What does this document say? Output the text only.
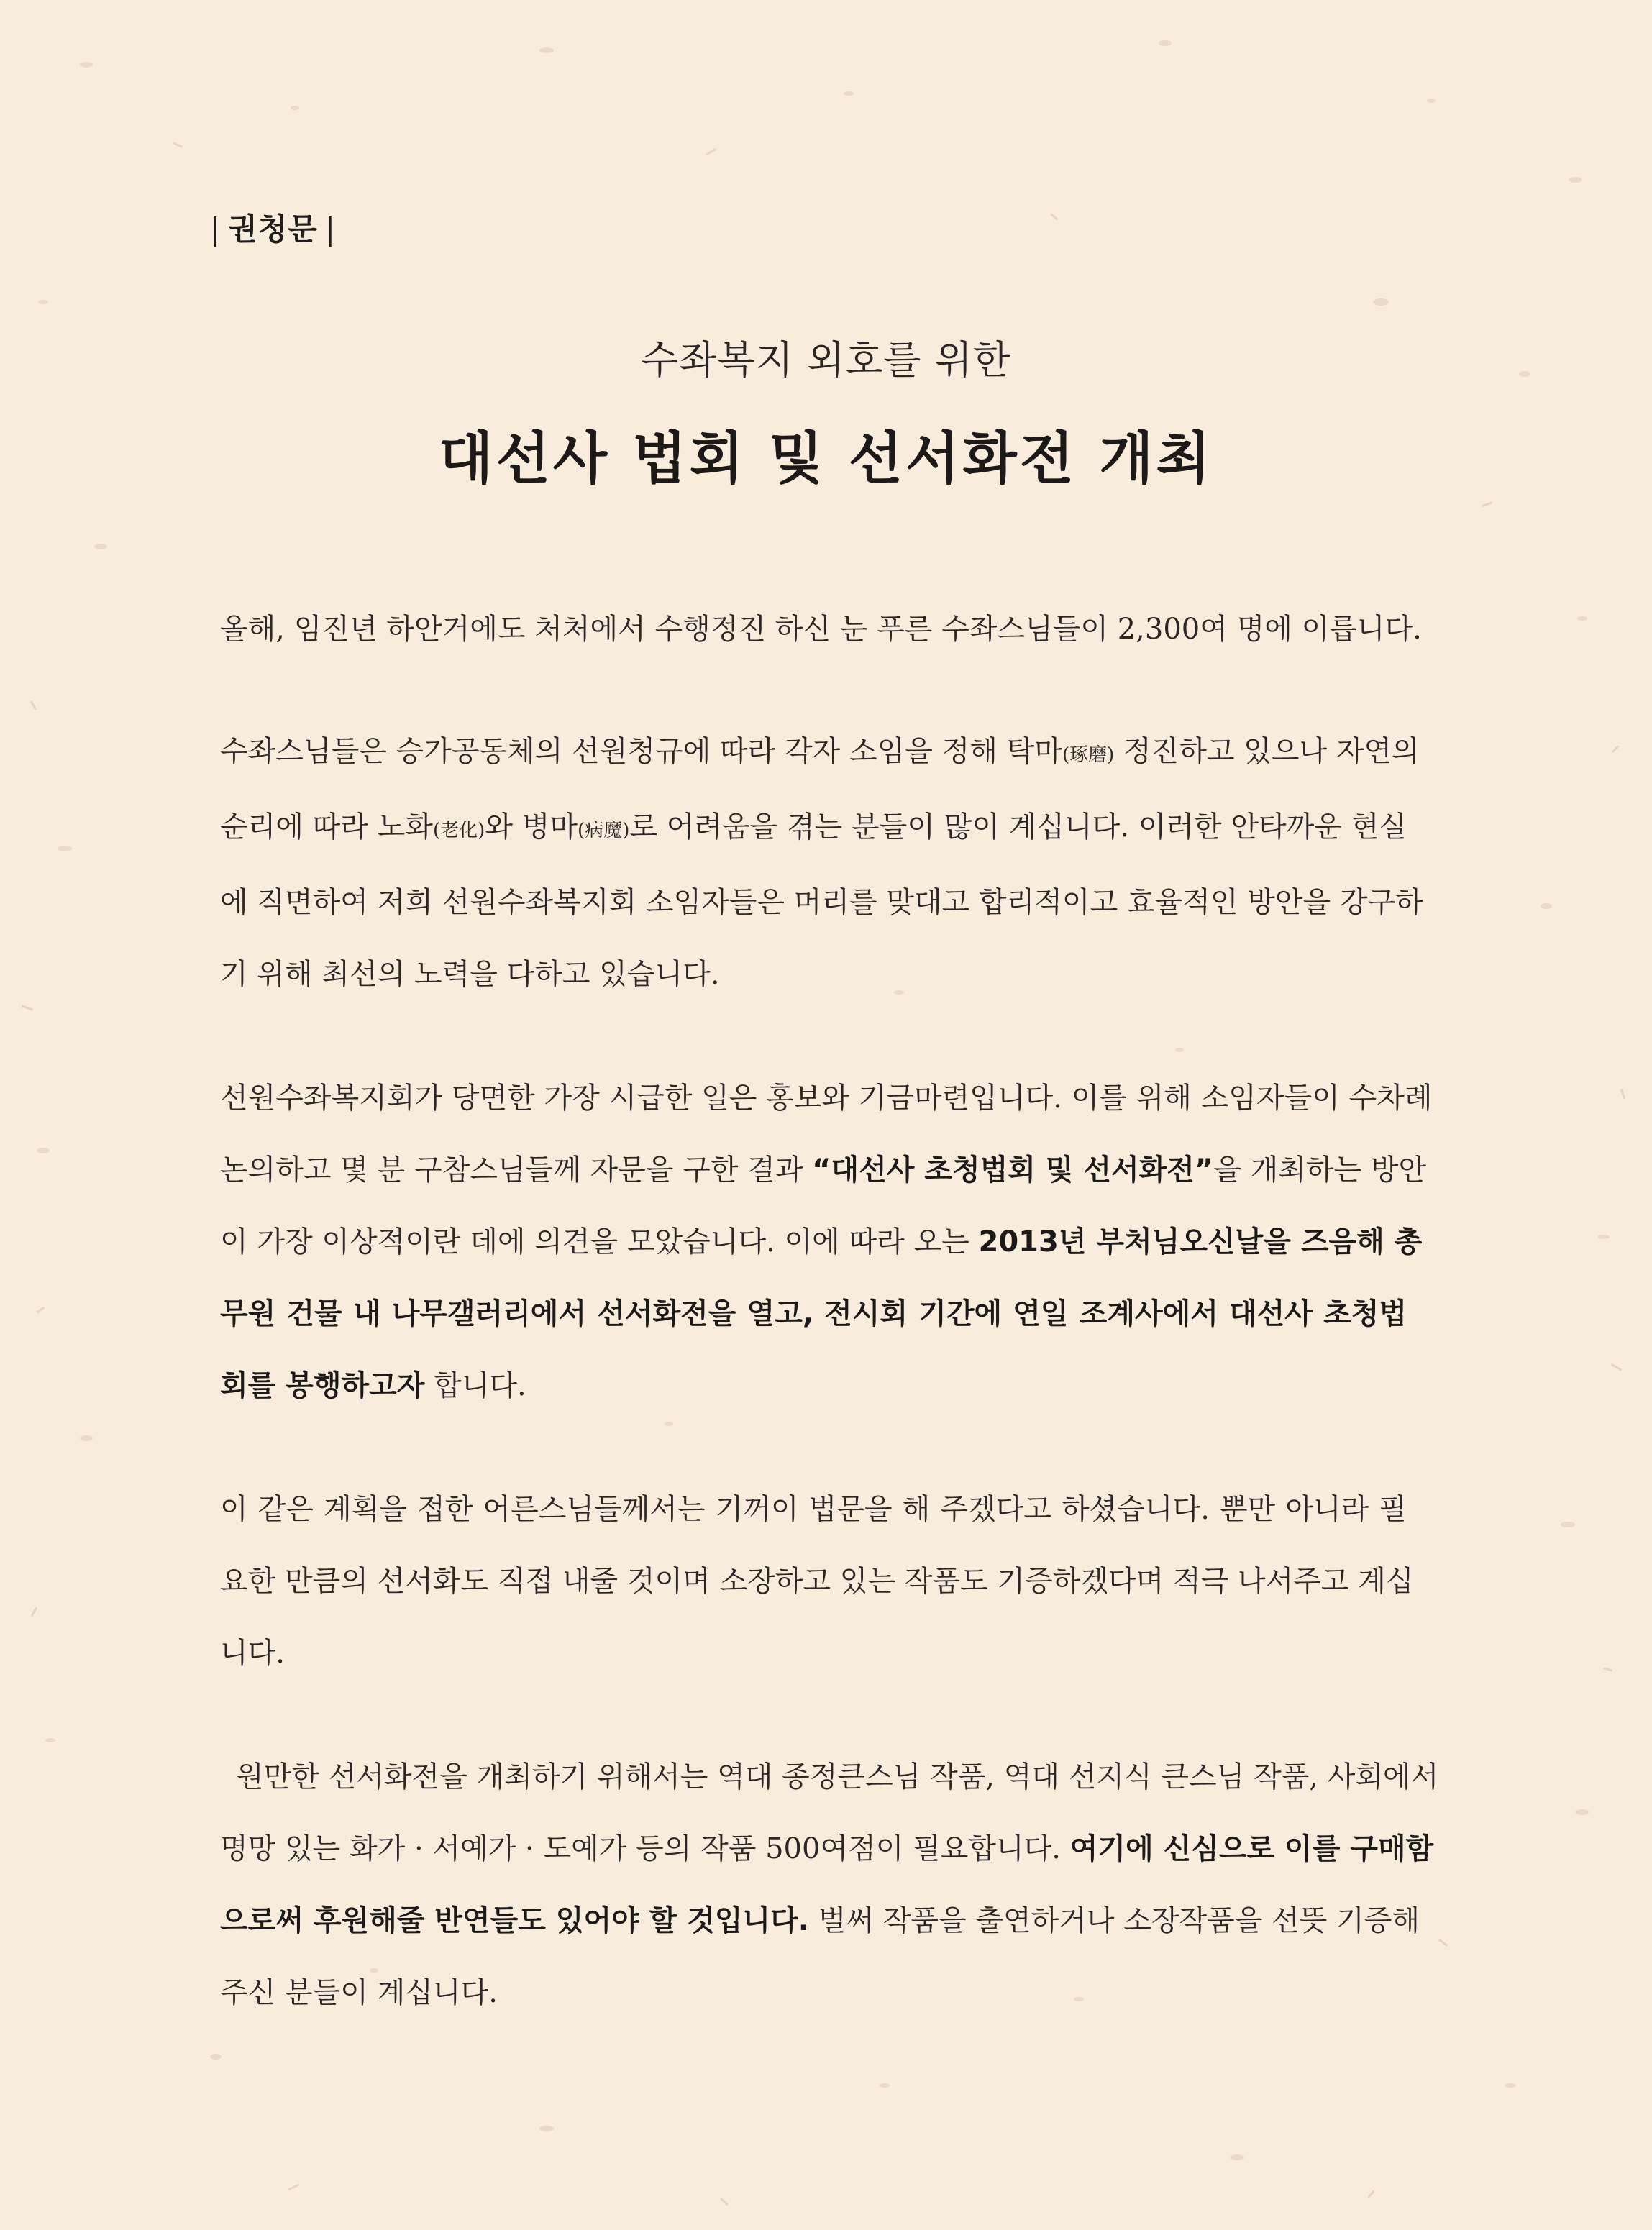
| 권청문 |
수좌복지 외호를 위한
대선사 법회 및 선서화전 개최
올해, 임진년 하안거에도 처처에서 수행정진 하신 눈 푸른 수좌스님들이 2,300여 명에 이릅니다.
수좌스님들은 승가공동체의 선원청규에 따라 각자 소임을 정해 탁마(琢磨) 정진하고 있으나 자연의
순리에 따라 노화(老化)와 병마(病魔)로 어려움을 겪는 분들이 많이 계십니다. 이러한 안타까운 현실
에 직면하여 저희 선원수좌복지회 소임자들은 머리를 맞대고 합리적이고 효율적인 방안을 강구하
기 위해 최선의 노력을 다하고 있습니다.
선원수좌복지회가 당면한 가장 시급한 일은 홍보와 기금마련입니다. 이를 위해 소임자들이 수차례
논의하고 몇 분 구참스님들께 자문을 구한 결과 “대선사 초청법회 및 선서화전”을 개최하는 방안
이 가장 이상적이란 데에 의견을 모았습니다. 이에 따라 오는 2013년 부처님오신날을 즈음해 총
무원 건물 내 나무갤러리에서 선서화전을 열고, 전시회 기간에 연일 조계사에서 대선사 초청법
회를 봉행하고자 합니다.
이 같은 계획을 접한 어른스님들께서는 기꺼이 법문을 해 주겠다고 하셨습니다. 뿐만 아니라 필
요한 만큼의 선서화도 직접 내줄 것이며 소장하고 있는 작품도 기증하겠다며 적극 나서주고 계십
니다.
원만한 선서화전을 개최하기 위해서는 역대 종정큰스님 작품, 역대 선지식 큰스님 작품, 사회에서
명망 있는 화가 · 서예가 · 도예가 등의 작품 500여점이 필요합니다. 여기에 신심으로 이를 구매함
으로써 후원해줄 반연들도 있어야 할 것입니다. 벌써 작품을 출연하거나 소장작품을 선뜻 기증해
주신 분들이 계십니다.
